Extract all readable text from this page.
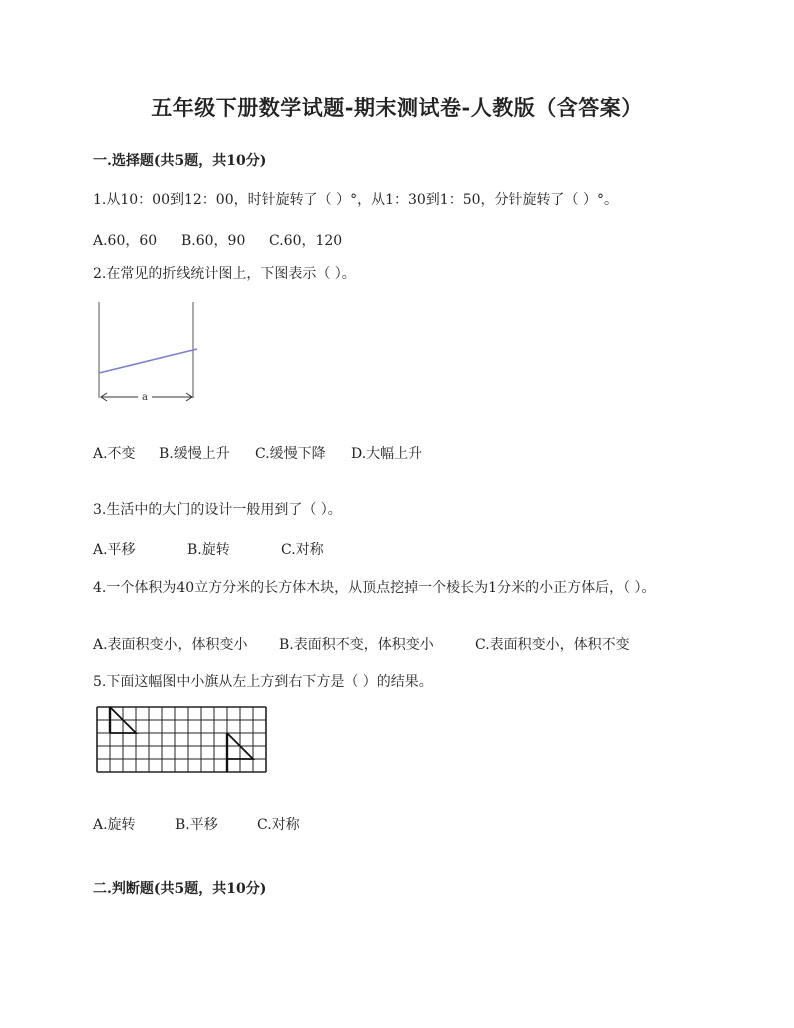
五年级下册数学试题-期末测试卷-人教版（含答案）
一.选择题(共5题，共10分)
1.从10：00到12：00，时针旋转了（ ）°，从1：30到1：50，分针旋转了（ ）°。
A.60，60 B.60，90 C.60，120
2.在常见的折线统计图上，下图表示（ ）。
a
A.不变 B.缓慢上升 C.缓慢下降 D.大幅上升
3.生活中的大门的设计一般用到了（ ）。
A.平移	B.旋转	C.对称
4.一个体积为40立方分米的长方体木块，从顶点挖掉一个棱长为1分米的小正方体后，（ ）。
A.表面积变小，体积变小 B.表面积不变，体积变小	C.表面积变小，体积不变
5.下面这幅图中小旗从左上方到右下方是（ ）的结果。
A.旋转	B.平移	C.对称
二.判断题(共5题，共10分)
